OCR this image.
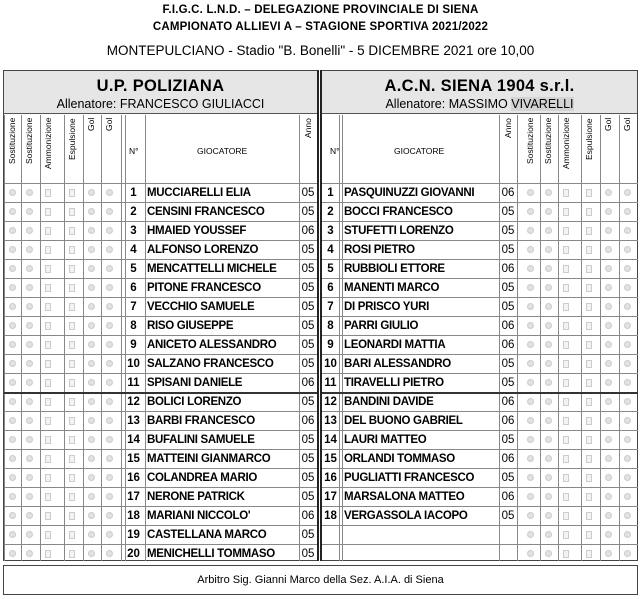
F.I.G.C. L.N.D. – DELEGAZIONE PROVINCIALE DI SIENA
CAMPIONATO ALLIEVI A – STAGIONE SPORTIVA 2021/2022
MONTEPULCIANO - Stadio "B. Bonelli" - 5 DICEMBRE 2021 ore 10,00
U.P. POLIZIANA
Allenatore: FRANCESCO GIULIACCI
A.C.N. SIENA 1904 s.r.l.
Allenatore: MASSIMO VIVARELLI
Sostituzione Sostituzione Ammonizione Espulsione Gol Gol
N°	GIOCATORE
Anno
1 MUCCIARELLI ELIA	05
2 CENSINI FRANCESCO	05
3 HMAIED YOUSSEF	06
4 ALFONSO LORENZO	05
5 MENCATTELLI MICHELE 05
6 PITONE FRANCESCO	05
7 VECCHIO SAMUELE	05
8 RISO GIUSEPPE	05
9 ANICETO ALESSANDRO 05
10 SALZANO FRANCESCO 05
11 SPISANI DANIELE	06
12 BOLICI LORENZO	05
13 BARBI FRANCESCO	06
14 BUFALINI SAMUELE	05
15 MATTEINI GIANMARCO	05
16 COLANDREA MARIO	05
17 NERONE PATRICK	05
18 MARIANI NICCOLO'	06
19 CASTELLANA MARCO	05
20 MENICHELLI TOMMASO 05
Sostituzione Sostituzione Ammonizione Espulsione Gol Gol
N°	GIOCATORE
Anno
1 PASQUINUZZI GIOVANNI 06
2 BOCCI FRANCESCO	05
3 STUFETTI LORENZO	05
4 ROSI PIETRO	05
5 RUBBIOLI ETTORE	06
6 MANENTI MARCO	05
7 DI PRISCO YURI	05
8 PARRI GIULIO	06
9 LEONARDI MATTIA	06
10 BARI ALESSANDRO	05
11 TIRAVELLI PIETRO	05
12 BANDINI DAVIDE	06
13 DEL BUONO GABRIEL	06
14 LAURI MATTEO	05
15 ORLANDI TOMMASO	06
16 PUGLIATTI FRANCESCO 05
17 MARSALONA MATTEO	06
18 VERGASSOLA IACOPO	05
Arbitro Sig. Gianni Marco della Sez. A.I.A. di Siena
